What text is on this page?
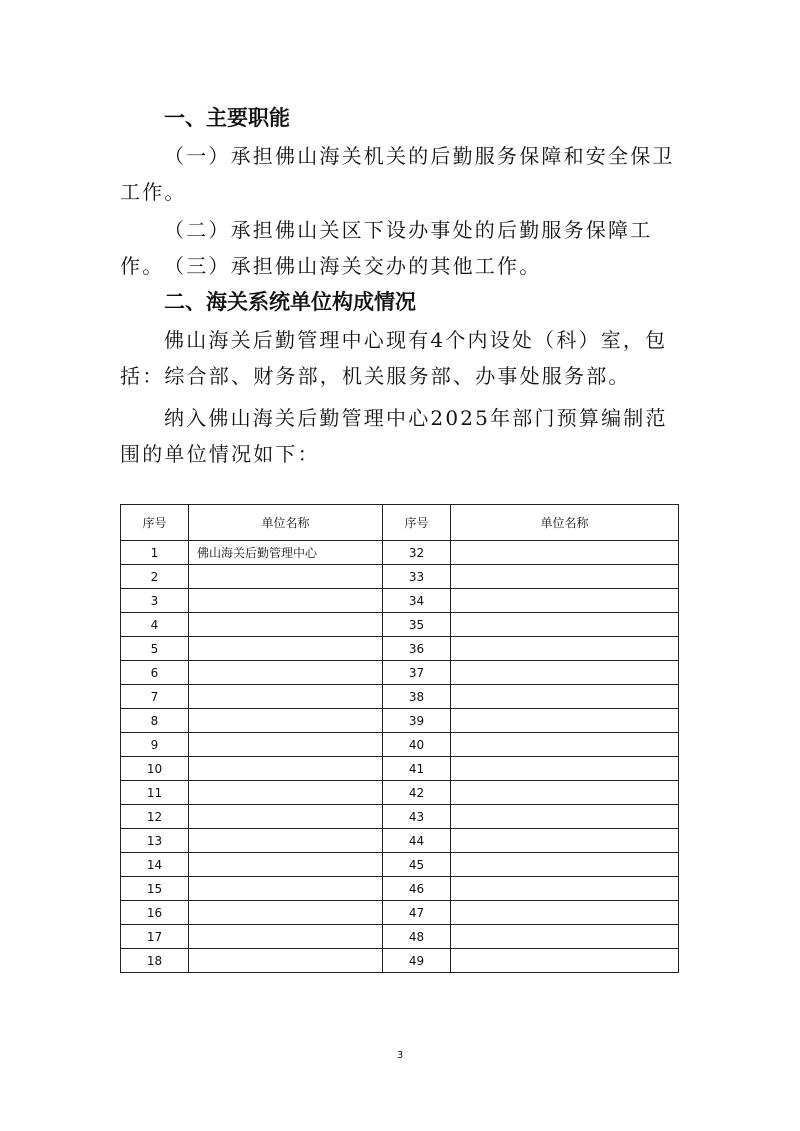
一、主要职能

（一）承担佛山海关机关的后勤服务保障和安全保卫工作。

（二）承担佛山关区下设办事处的后勤服务保障工作。 （三）承担佛山海关交办的其他工作。

二、海关系统单位构成情况

佛山海关后勤管理中心现有4个内设处（科）室，包括：综合部、财务部，机关服务部、办事处服务部。

纳入佛山海关后勤管理中心2025年部门预算编制范围的单位情况如下：

序号	单位名称	序号	单位名称
1	佛山海关后勤管理中心	32	
2		33	
3		34	
4		35	
5		36	
6		37	
7		38	
8		39	
9		40	
10		41	
11		42	
12		43	
13		44	
14		45	
15		46	
16		47	
17		48	
18		49	
3
